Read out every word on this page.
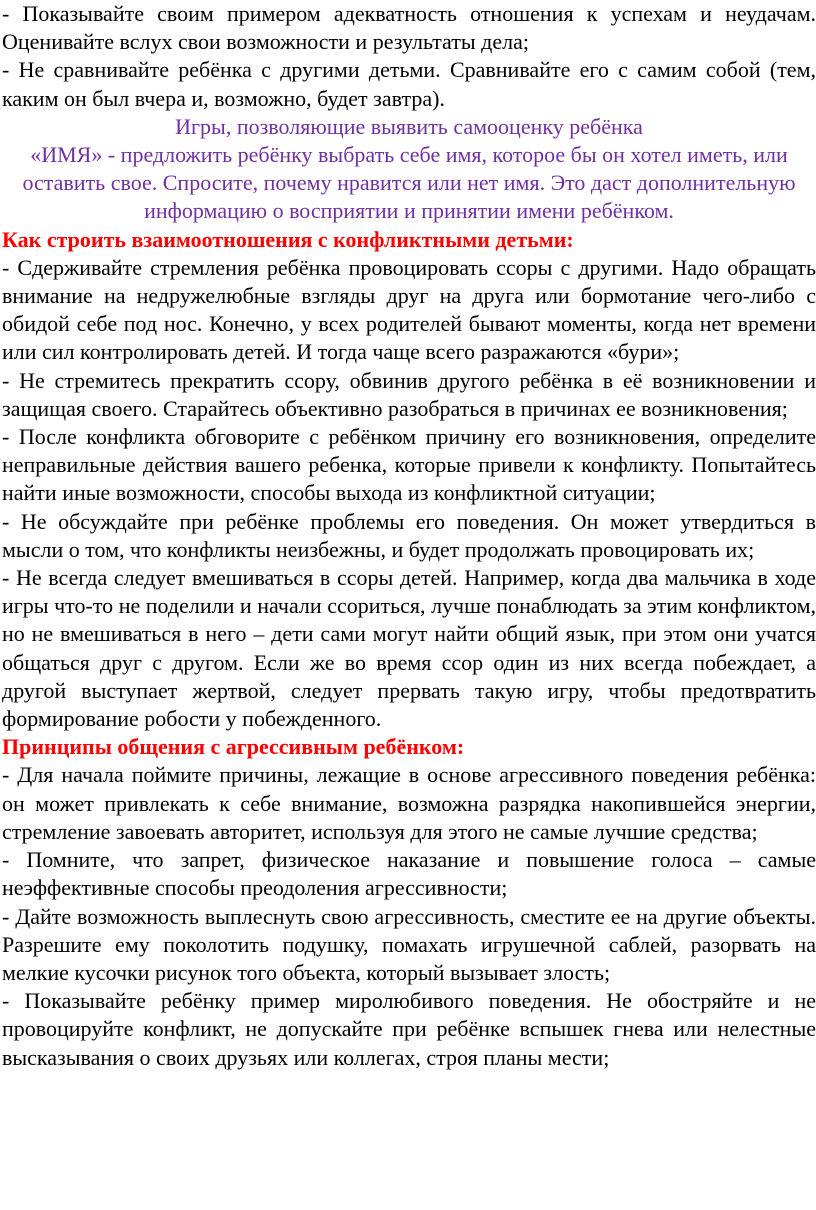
- Показывайте своим примером адекватность отношения к успехам и неудачам. Оценивайте вслух свои возможности и результаты дела;

- Не сравнивайте ребёнка с другими детьми. Сравнивайте его с самим собой (тем, каким он был вчера и, возможно, будет завтра).

Игры, позволяющие выявить самооценку ребёнка

«ИМЯ» - предложить ребёнку выбрать себе имя, которое бы он хотел иметь, или оставить свое. Спросите, почему нравится или нет имя. Это даст дополнительную информацию о восприятии и принятии имени ребёнком.

Как строить взаимоотношения с конфликтными детьми:

- Сдерживайте стремления ребёнка провоцировать ссоры с другими. Надо обращать внимание на недружелюбные взгляды друг на друга или бормотание чего-либо с обидой себе под нос. Конечно, у всех родителей бывают моменты, когда нет времени или сил контролировать детей. И тогда чаще всего разражаются «бури»;

- Не стремитесь прекратить ссору, обвинив другого ребёнка в её возникновении и защищая своего. Старайтесь объективно разобраться в причинах ее возникновения;

- После конфликта обговорите с ребёнком причину его возникновения, определите неправильные действия вашего ребенка, которые привели к конфликту. Попытайтесь найти иные возможности, способы выхода из конфликтной ситуации;

- Не обсуждайте при ребёнке проблемы его поведения. Он может утвердиться в мысли о том, что конфликты неизбежны, и будет продолжать провоцировать их;

- Не всегда следует вмешиваться в ссоры детей. Например, когда два мальчика в ходе игры что-то не поделили и начали ссориться, лучше понаблюдать за этим конфликтом, но не вмешиваться в него – дети сами могут найти общий язык, при этом они учатся общаться друг с другом. Если же во время ссор один из них всегда побеждает, а другой выступает жертвой, следует прервать такую игру, чтобы предотвратить формирование робости у побежденного.

Принципы общения с агрессивным ребёнком:

- Для начала поймите причины, лежащие в основе агрессивного поведения ребёнка: он может привлекать к себе внимание, возможна разрядка накопившейся энергии, стремление завоевать авторитет, используя для этого не самые лучшие средства;

- Помните, что запрет, физическое наказание и повышение голоса – самые неэффективные способы преодоления агрессивности;

- Дайте возможность выплеснуть свою агрессивность, сместите ее на другие объекты. Разрешите ему поколотить подушку, помахать игрушечной саблей, разорвать на мелкие кусочки рисунок того объекта, который вызывает злость;

- Показывайте ребёнку пример миролюбивого поведения. Не обостряйте и не провоцируйте конфликт, не допускайте при ребёнке вспышек гнева или нелестные высказывания о своих друзьях или коллегах, строя планы мести;
